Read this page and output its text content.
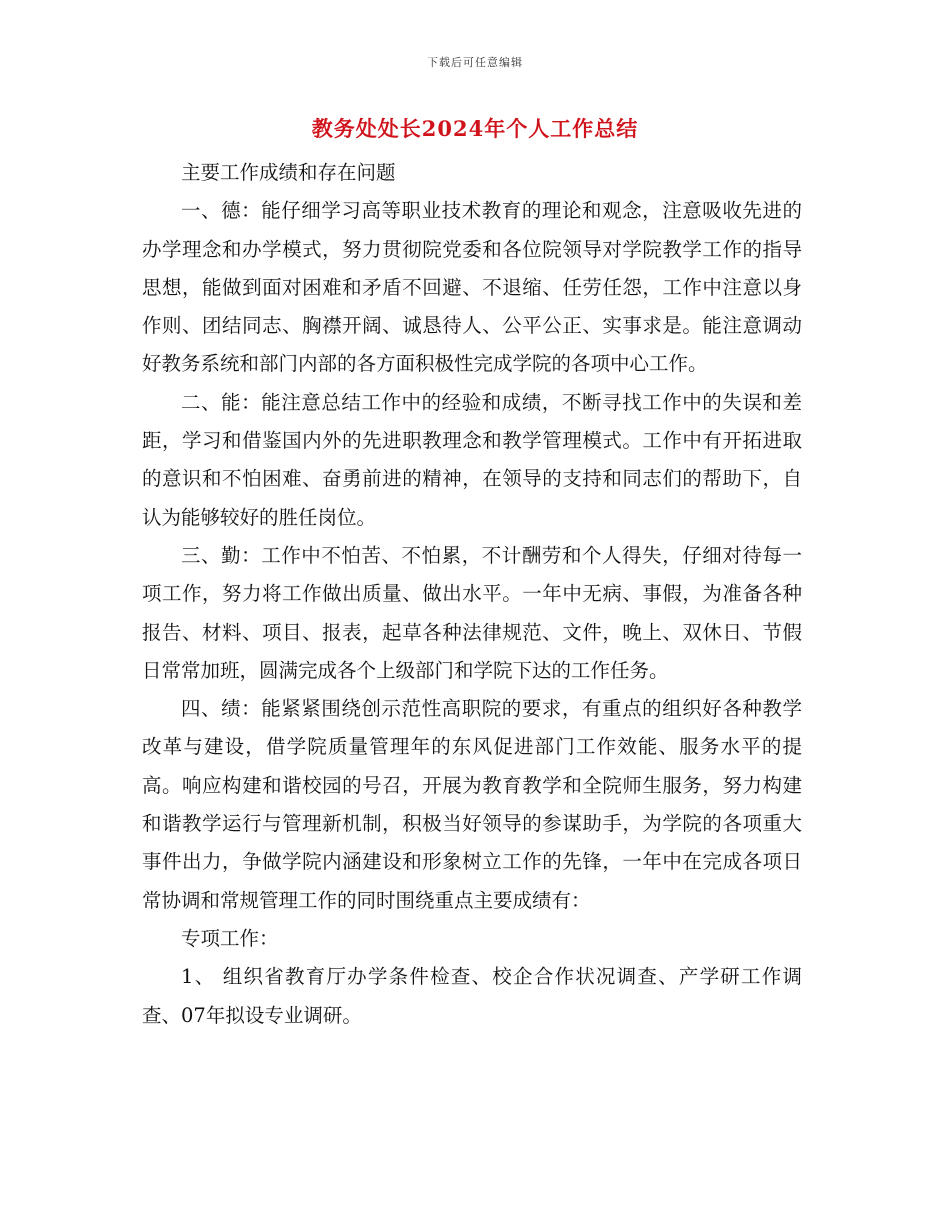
下载后可任意编辑
教务处处长2024年个人工作总结

主要工作成绩和存在问题

一、德：能仔细学习高等职业技术教育的理论和观念，注意吸收先进的办学理念和办学模式，努力贯彻院党委和各位院领导对学院教学工作的指导思想，能做到面对困难和矛盾不回避、不退缩、任劳任怨，工作中注意以身作则、团结同志、胸襟开阔、诚恳待人、公平公正、实事求是。能注意调动好教务系统和部门内部的各方面积极性完成学院的各项中心工作。

二、能：能注意总结工作中的经验和成绩，不断寻找工作中的失误和差距，学习和借鉴国内外的先进职教理念和教学管理模式。工作中有开拓进取的意识和不怕困难、奋勇前进的精神，在领导的支持和同志们的帮助下，自认为能够较好的胜任岗位。

三、勤：工作中不怕苦、不怕累，不计酬劳和个人得失，仔细对待每一项工作，努力将工作做出质量、做出水平。一年中无病、事假，为准备各种报告、材料、项目、报表，起草各种法律规范、文件，晚上、双休日、节假日常常加班，圆满完成各个上级部门和学院下达的工作任务。

四、绩：能紧紧围绕创示范性高职院的要求，有重点的组织好各种教学改革与建设，借学院质量管理年的东风促进部门工作效能、服务水平的提高。响应构建和谐校园的号召，开展为教育教学和全院师生服务，努力构建和谐教学运行与管理新机制，积极当好领导的参谋助手，为学院的各项重大事件出力，争做学院内涵建设和形象树立工作的先锋，一年中在完成各项日常协调和常规管理工作的同时围绕重点主要成绩有：

专项工作：

1、 组织省教育厅办学条件检查、校企合作状况调查、产学研工作调查、07年拟设专业调研。
